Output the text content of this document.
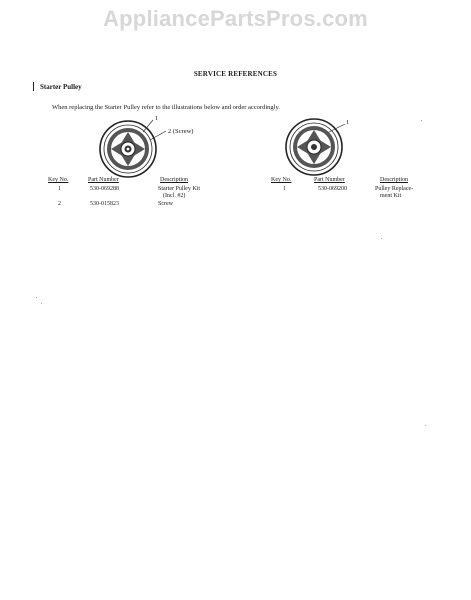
AppliancePartsPros.com
SERVICE REFERENCES
Starter Pulley
When replacing the Starter Pulley refer to the illustrations below and order accordingly.
1
2 (Screw)
1
Key No.	Part Number	Description
1	530-069288	Starter Pulley Kit
(Incl. #2)
2	530-015823	Screw
Key No.	Part Number	Description
1	530-069200	Pulley Replace-
ment Kit
